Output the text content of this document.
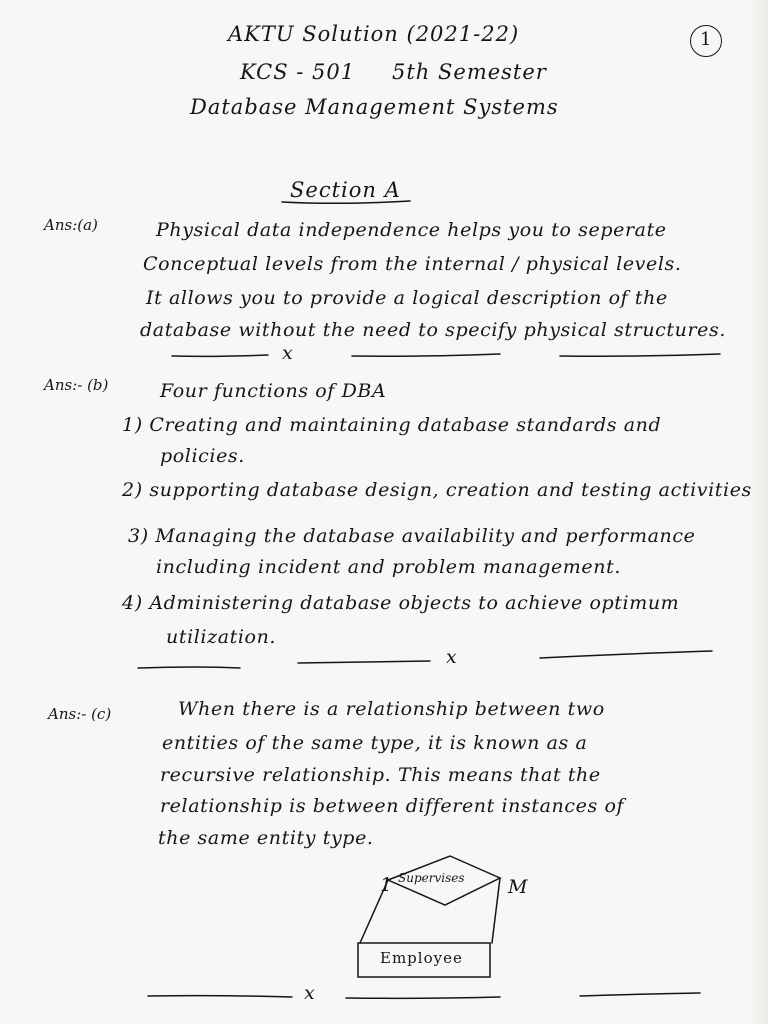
AKTU Solution (2021-22)	1
KCS - 501 5th Semester
Database Management Systems
Section A
Ans:(a)	Physical data independence helps you to seperate
Conceptual levels from the internal / physical levels.
It allows you to provide a logical description of the
database without the need to specify physical structures.
x
Ans:- (b)	Four functions of DBA
1) Creating and maintaining database standards and
policies.
2) supporting database design, creation and testing activities
3) Managing the database availability and performance
including incident and problem management.
4) Administering database objects to achieve optimum
utilization.
x
Ans:- (c)	When there is a relationship between two
entities of the same type, it is known as a
recursive relationship. This means that the
relationship is between different instances of
the same entity type.
Supervises
1	M
Employee
x
